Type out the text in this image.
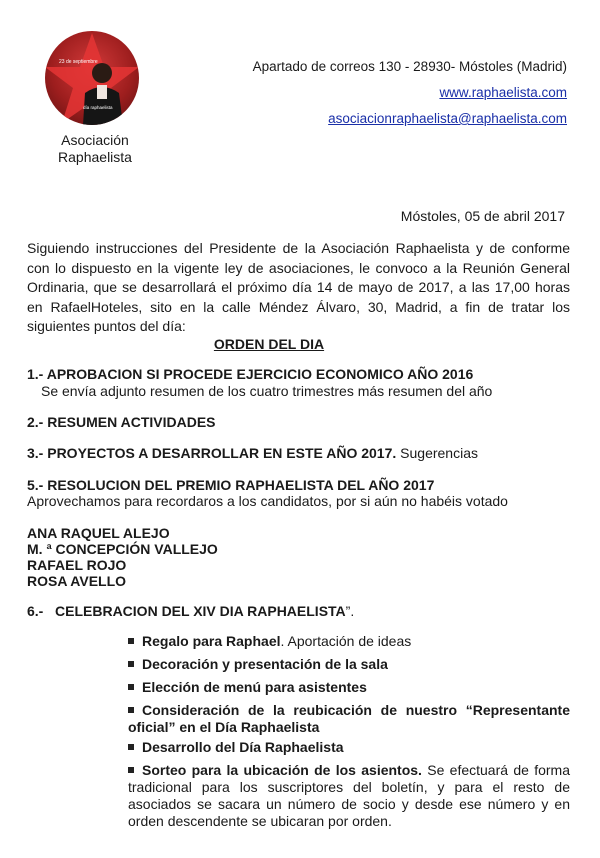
23 de septiembre
día raphaelista
Asociación
Raphaelista
Apartado de correos 130 - 28930- Móstoles (Madrid)
www.raphaelista.com
asociacionraphaelista@raphaelista.com
Móstoles, 05 de abril 2017

Siguiendo instrucciones del Presidente de la Asociación Raphaelista y de conforme con lo dispuesto en la vigente ley de asociaciones, le convoco a la Reunión General Ordinaria, que se desarrollará el próximo día 14 de mayo de 2017, a las 17,00 horas en RafaelHoteles, sito en la calle Méndez Álvaro, 30, Madrid, a fin de tratar los siguientes puntos del día:

ORDEN DEL DIA
1.- APROBACION SI PROCEDE EJERCICIO ECONOMICO AÑO 2016
Se envía adjunto resumen de los cuatro trimestres más resumen del año
2.- RESUMEN ACTIVIDADES
3.- PROYECTOS A DESARROLLAR EN ESTE AÑO 2017. Sugerencias
5.- RESOLUCION DEL PREMIO RAPHAELISTA DEL AÑO 2017
Aprovechamos para recordaros a los candidatos, por si aún no habéis votado
ANA RAQUEL ALEJO
M. ª CONCEPCIÓN VALLEJO
RAFAEL ROJO
ROSA AVELLO
6.-   CELEBRACION DEL XIV DIA RAPHAELISTA”.
Regalo para Raphael. Aportación de ideas
Decoración y presentación de la sala
Elección de menú para asistentes
Consideración de la reubicación de nuestro “Representante oficial” en el Día Raphaelista
Desarrollo del Día Raphaelista
Sorteo para la ubicación de los asientos. Se efectuará de forma tradicional para los suscriptores del boletín, y para el resto de asociados se sacara un número de socio y desde ese número y en orden descendente se ubicaran por orden.
